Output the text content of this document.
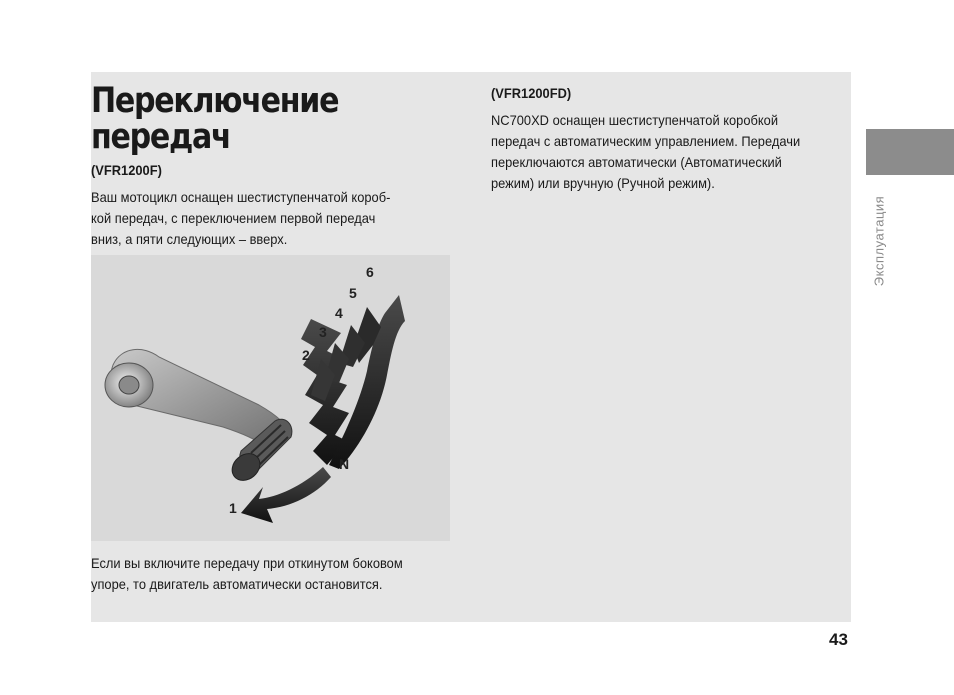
Переключение
передач
(VFR1200F)
Ваш мотоцикл оснащен шестиступенчатой короб-
кой передач, с переключением первой передач
вниз, а пяти следующих – вверх.
1
N
2
3
4
5
6
Если вы включите передачу при откинутом боковом
упоре, то двигатель автоматически остановится.
(VFR1200FD)
NC700XD оснащен шестиступенчатой коробкой
передач с автоматическим управлением. Передачи
переключаются автоматически (Автоматический
режим) или вручную (Ручной режим).
Эксплуатация
43
